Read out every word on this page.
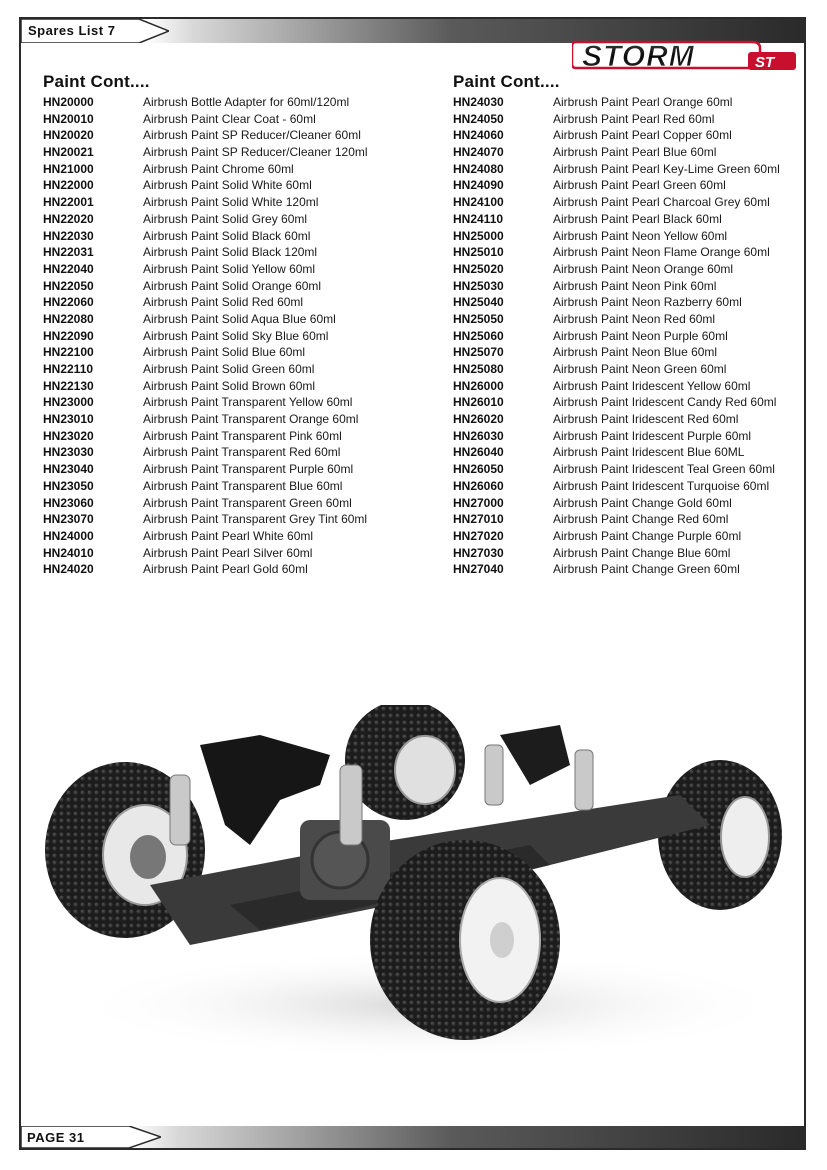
Spares List 7
STORM	ST
Paint Cont....
HN20000	Airbrush Bottle Adapter for 60ml/120ml
HN20010	Airbrush Paint Clear Coat - 60ml
HN20020	Airbrush Paint SP Reducer/Cleaner 60ml
HN20021	Airbrush Paint SP Reducer/Cleaner 120ml
HN21000	Airbrush Paint Chrome 60ml
HN22000	Airbrush Paint Solid White 60ml
HN22001	Airbrush Paint Solid White 120ml
HN22020	Airbrush Paint Solid Grey 60ml
HN22030	Airbrush Paint Solid Black 60ml
HN22031	Airbrush Paint Solid Black 120ml
HN22040	Airbrush Paint Solid Yellow 60ml
HN22050	Airbrush Paint Solid Orange 60ml
HN22060	Airbrush Paint Solid Red 60ml
HN22080	Airbrush Paint Solid Aqua Blue 60ml
HN22090	Airbrush Paint Solid Sky Blue 60ml
HN22100	Airbrush Paint Solid Blue 60ml
HN22110	Airbrush Paint Solid Green 60ml
HN22130	Airbrush Paint Solid Brown 60ml
HN23000	Airbrush Paint Transparent Yellow 60ml
HN23010	Airbrush Paint Transparent Orange 60ml
HN23020	Airbrush Paint Transparent Pink 60ml
HN23030	Airbrush Paint Transparent Red 60ml
HN23040	Airbrush Paint Transparent Purple 60ml
HN23050	Airbrush Paint Transparent Blue 60ml
HN23060	Airbrush Paint Transparent Green 60ml
HN23070	Airbrush Paint Transparent Grey Tint 60ml
HN24000	Airbrush Paint Pearl White 60ml
HN24010	Airbrush Paint Pearl Silver 60ml
HN24020	Airbrush Paint Pearl Gold 60ml
Paint Cont....
HN24030	Airbrush Paint Pearl Orange 60ml
HN24050	Airbrush Paint Pearl Red 60ml
HN24060	Airbrush Paint Pearl Copper 60ml
HN24070	Airbrush Paint Pearl Blue 60ml
HN24080	Airbrush Paint Pearl Key-Lime Green 60ml
HN24090	Airbrush Paint Pearl Green 60ml
HN24100	Airbrush Paint Pearl Charcoal Grey 60ml
HN24110	Airbrush Paint Pearl Black 60ml
HN25000	Airbrush Paint Neon Yellow 60ml
HN25010	Airbrush Paint Neon Flame Orange 60ml
HN25020	Airbrush Paint Neon Orange 60ml
HN25030	Airbrush Paint Neon Pink 60ml
HN25040	Airbrush Paint Neon Razberry 60ml
HN25050	Airbrush Paint Neon Red 60ml
HN25060	Airbrush Paint Neon Purple 60ml
HN25070	Airbrush Paint Neon Blue 60ml
HN25080	Airbrush Paint Neon Green 60ml
HN26000	Airbrush Paint Iridescent Yellow 60ml
HN26010	Airbrush Paint Iridescent Candy Red 60ml
HN26020	Airbrush Paint Iridescent Red 60ml
HN26030	Airbrush Paint Iridescent Purple 60ml
HN26040	Airbrush Paint Iridescent Blue 60ML
HN26050	Airbrush Paint Iridescent Teal Green 60ml
HN26060	Airbrush Paint Iridescent Turquoise 60ml
HN27000	Airbrush Paint Change Gold 60ml
HN27010	Airbrush Paint Change Red 60ml
HN27020	Airbrush Paint Change Purple 60ml
HN27030	Airbrush Paint Change Blue 60ml
HN27040	Airbrush Paint Change Green 60ml
PAGE 31
